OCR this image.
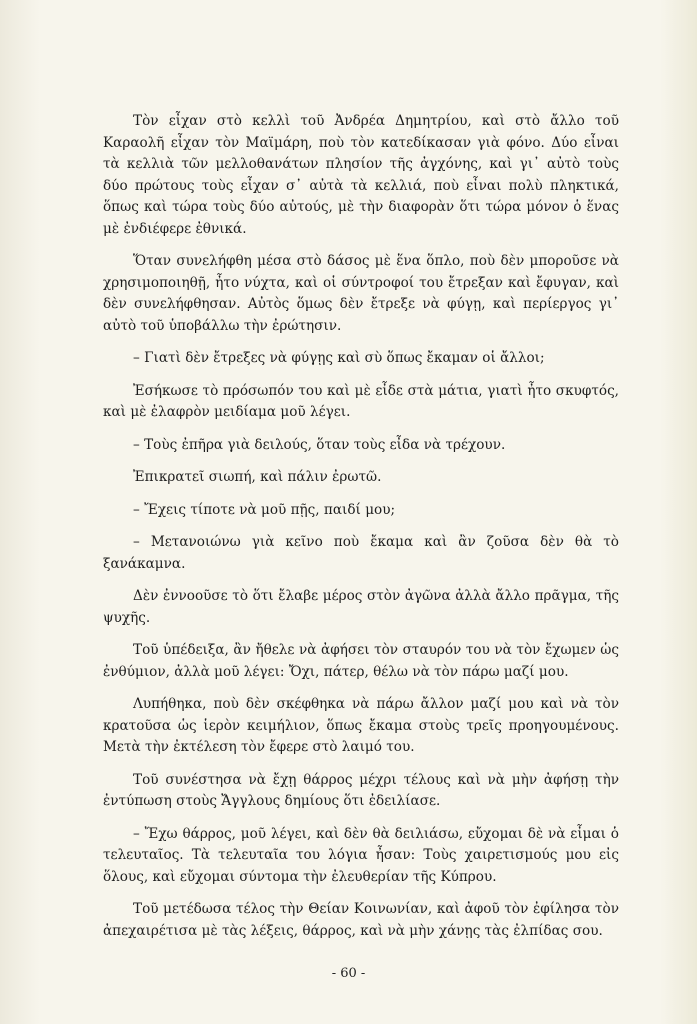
Τὸν εἶχαν στὸ κελλὶ τοῦ Ἀνδρέα Δημητρίου, καὶ στὸ ἄλλο τοῦ Καραολῆ εἶχαν τὸν Μαϊμάρη, ποὺ τὸν κατεδίκασαν γιὰ φόνο. Δύο εἶναι τὰ κελλιὰ τῶν μελλοθανάτων πλησίον τῆς ἀγχόνης, καὶ γι᾿ αὐτὸ τοὺς δύο πρώτους τοὺς εἶχαν σ᾿ αὐτὰ τὰ κελλιά, ποὺ εἶναι πολὺ πληκτικά, ὅπως καὶ τώρα τοὺς δύο αὐτούς, μὲ τὴν διαφορὰν ὅτι τώρα μόνον ὁ ἕνας μὲ ἐνδιέφερε ἐθνικά.

Ὅταν συνελήφθη μέσα στὸ δάσος μὲ ἕνα ὅπλο, ποὺ δὲν μποροῦσε νὰ χρησιμοποιηθῇ, ἦτο νύχτα, καὶ οἱ σύντροφοί του ἔτρεξαν καὶ ἔφυγαν, καὶ δὲν συνελήφθησαν. Αὐτὸς ὅμως δὲν ἔτρεξε νὰ φύγῃ, καὶ περίεργος γι᾿ αὐτὸ τοῦ ὑποβάλλω τὴν ἐρώτησιν.

– Γιατὶ δὲν ἔτρεξες νὰ φύγῃς καὶ σὺ ὅπως ἔκαμαν οἱ ἄλλοι;

Ἐσήκωσε τὸ πρόσωπόν του καὶ μὲ εἶδε στὰ μάτια, γιατὶ ἦτο σκυφτός, καὶ μὲ ἐλαφρὸν μειδίαμα μοῦ λέγει.

– Τοὺς ἐπῆρα γιὰ δειλούς, ὅταν τοὺς εἶδα νὰ τρέχουν.

Ἐπικρατεῖ σιωπή, καὶ πάλιν ἐρωτῶ.

– Ἔχεις τίποτε νὰ μοῦ πῇς, παιδί μου;

– Μετανοιώνω γιὰ κεῖνο ποὺ ἔκαμα καὶ ἂν ζοῦσα δὲν θὰ τὸ ξανάκαμνα.

Δὲν ἐννοοῦσε τὸ ὅτι ἔλαβε μέρος στὸν ἀγῶνα ἀλλὰ ἄλλο πρᾶγμα, τῆς ψυχῆς.

Τοῦ ὑπέδειξα, ἂν ἤθελε νὰ ἀφήσει τὸν σταυρόν του νὰ τὸν ἔχωμεν ὡς ἐνθύμιον, ἀλλὰ μοῦ λέγει: Ὄχι, πάτερ, θέλω νὰ τὸν πάρω μαζί μου.

Λυπήθηκα, ποὺ δὲν σκέφθηκα νὰ πάρω ἄλλον μαζί μου καὶ νὰ τὸν κρατοῦσα ὡς ἱερὸν κειμήλιον, ὅπως ἔκαμα στοὺς τρεῖς προηγουμένους. Μετὰ τὴν ἐκτέλεση τὸν ἔφερε στὸ λαιμό του.

Τοῦ συνέστησα νὰ ἔχῃ θάρρος μέχρι τέλους καὶ νὰ μὴν ἀφήσῃ τὴν ἐντύπωση στοὺς Ἄγγλους δημίους ὅτι ἐδειλίασε.

– Ἔχω θάρρος, μοῦ λέγει, καὶ δὲν θὰ δειλιάσω, εὔχομαι δὲ νὰ εἶμαι ὁ τελευταῖος. Τὰ τελευταῖα του λόγια ἦσαν: Τοὺς χαιρετισμούς μου εἰς ὅλους, καὶ εὔχομαι σύντομα τὴν ἐλευθερίαν τῆς Κύπρου.

Τοῦ μετέδωσα τέλος τὴν Θείαν Κοινωνίαν, καὶ ἀφοῦ τὸν ἐφίλησα τὸν ἀπεχαιρέτισα μὲ τὰς λέξεις, θάρρος, καὶ νὰ μὴν χάνῃς τὰς ἐλπίδας σου.

- 60 -
